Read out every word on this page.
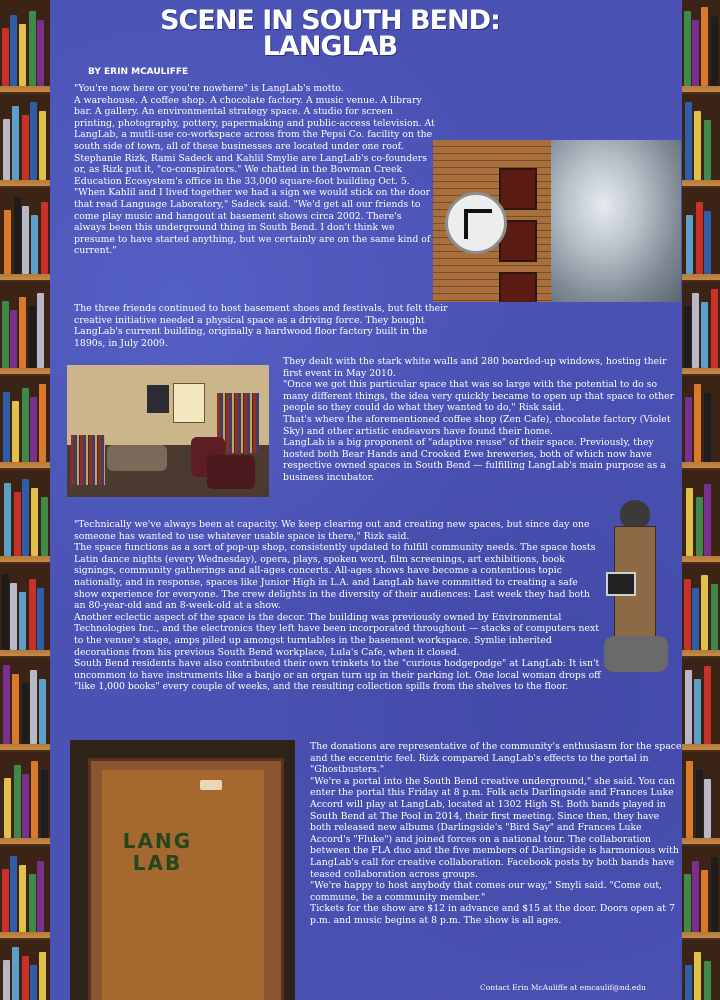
SCENE IN SOUTH BEND:
LANGLAB
BY ERIN MCAULIFFE

"You're now here or you're nowhere" is LangLab's motto.

A warehouse. A coffee shop. A chocolate factory. A music venue. A library bar. A gallery. An environmental strategy space. A studio for screen printing, photography, pottery, papermaking and public-access television. At LangLab, a mutli-use co-workspace across from the Pepsi Co. facility on the south side of town, all of these businesses are located under one roof.

Stephanie Rizk, Rami Sadeck and Kahlil Smylie are LangLab's co-founders or, as Rizk put it, "co-conspirators." We chatted in the Bowman Creek Education Ecosystem's office in the 33,000 square-foot building Oct. 5.

"When Kahlil and I lived together we had a sign we would stick on the door that read Language Laboratory," Sadeck said. "We'd get all our friends to come play music and hangout at basement shows circa 2002. There's always been this underground thing in South Bend. I don't think we presume to have started anything, but we certainly are on the same kind of current."

The three friends continued to host basement shoes and festivals, but felt their creative initiative needed a physical space as a driving force. They bought LangLab's current building, originally a hardwood floor factory built in the 1890s, in July 2009.

They dealt with the stark white walls and 280 boarded-up windows, hosting their first event in May 2010.

"Once we got this particular space that was so large with the potential to do so many different things, the idea very quickly became to open up that space to other people so they could do what they wanted to do," Risk said.

That's where the aforementioned coffee shop (Zen Cafe), chocolate factory (Violet Sky) and other artistic endeavors have found their home.

LangLab is a big proponent of "adaptive reuse" of their space. Previously, they hosted both Bear Hands and Crooked Ewe breweries, both of which now have respective owned spaces in South Bend — fulfilling LangLab's main purpose as a business incubator.

"Technically we've always been at capacity. We keep clearing out and creating new spaces, but since day one someone has wanted to use whatever usable space is there," Rizk said.

The space functions as a sort of pop-up shop, consistently updated to fulfill community needs. The space hosts Latin dance nights (every Wednesday), opera, plays, spoken word, film screenings, art exhibitions, book signings, community gatherings and all-ages concerts. All-ages shows have become a contentious topic nationally, and in response, spaces like Junior High in L.A. and LangLab have committed to creating a safe show experience for everyone. The crew delights in the diversity of their audiences: Last week they had both an 80-year-old and an 8-week-old at a show.

Another eclectic aspect of the space is the decor. The building was previously owned by Environmental Technologies Inc., and the electronics they left have been incorporated throughout — stacks of computers next to the venue's stage, amps piled up amongst turntables in the basement workspace. Symlie inherited decorations from his previous South Bend workplace, Lula's Cafe, when it closed.

South Bend residents have also contributed their own trinkets to the "curious hodgepodge" at LangLab: It isn't uncommon to have instruments like a banjo or an organ turn up in their parking lot. One local woman drops off "like 1,000 books" every couple of weeks, and the resulting collection spills from the shelves to the floor.

LANG LAB

The donations are representative of the community's enthusiasm for the space and the eccentric feel. Rizk compared LangLab's effects to the portal in "Ghostbusters."

"We're a portal into the South Bend creative underground," she said. You can enter the portal this Friday at 8 p.m. Folk acts Darlingside and Frances Luke Accord will play at LangLab, located at 1302 High St. Both bands played in South Bend at The Pool in 2014, their first meeting. Since then, they have both released new albums (Darlingside's "Bird Say" and Frances Luke Accord's "Fluke") and joined forces on a national tour. The collaboration between the FLA duo and the five members of Darlingside is harmonious with LangLab's call for creative collaboration. Facebook posts by both bands have teased collaboration across groups.

"We're happy to host anybody that comes our way," Smyli said. "Come out, commune, be a community member."

Tickets for the show are $12 in advance and $15 at the door. Doors open at 7 p.m. and music begins at 8 p.m. The show is all ages.

Contact Erin McAuliffe at emcaulif@nd.edu
